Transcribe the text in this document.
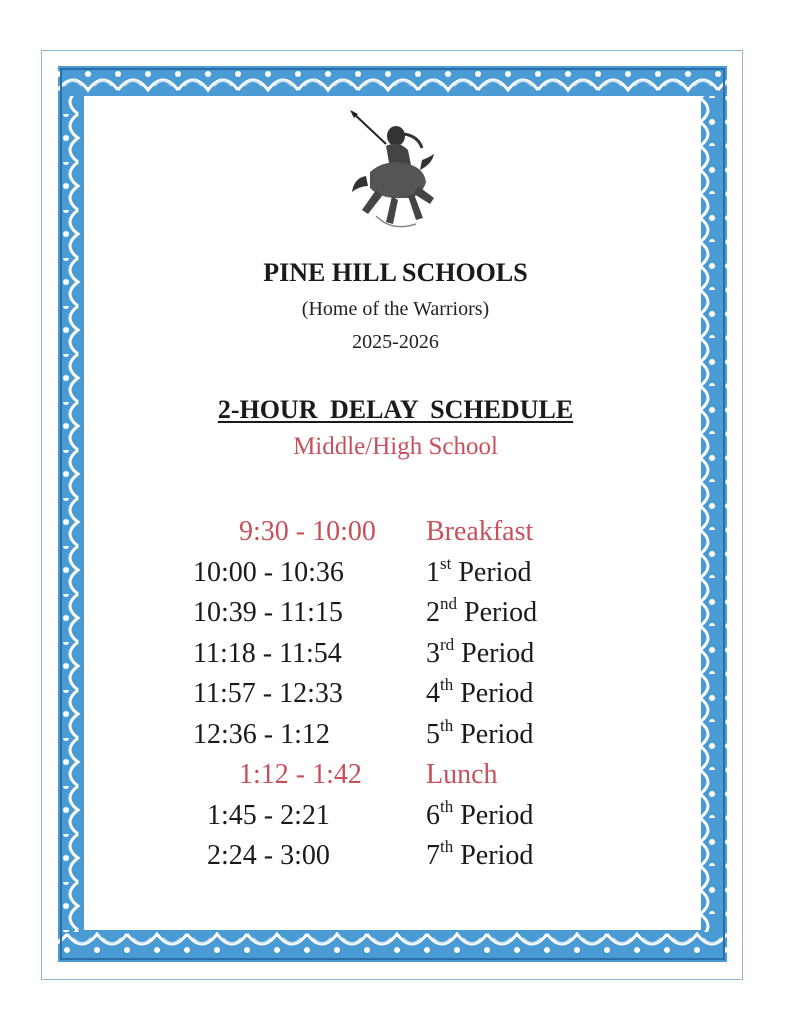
PINE HILL SCHOOLS
(Home of the Warriors)
2025-2026
2-HOUR DELAY SCHEDULE
Middle/High School
9:30 - 10:00 Breakfast
10:00 - 10:36	1st Period
10:39 - 11:15	2nd Period
11:18 - 11:54	3rd Period
11:57 - 12:33	4th Period
12:36 - 1:12	5th Period
1:12 - 1:42 Lunch
1:45 - 2:21	6th Period
2:24 - 3:00	7th Period
